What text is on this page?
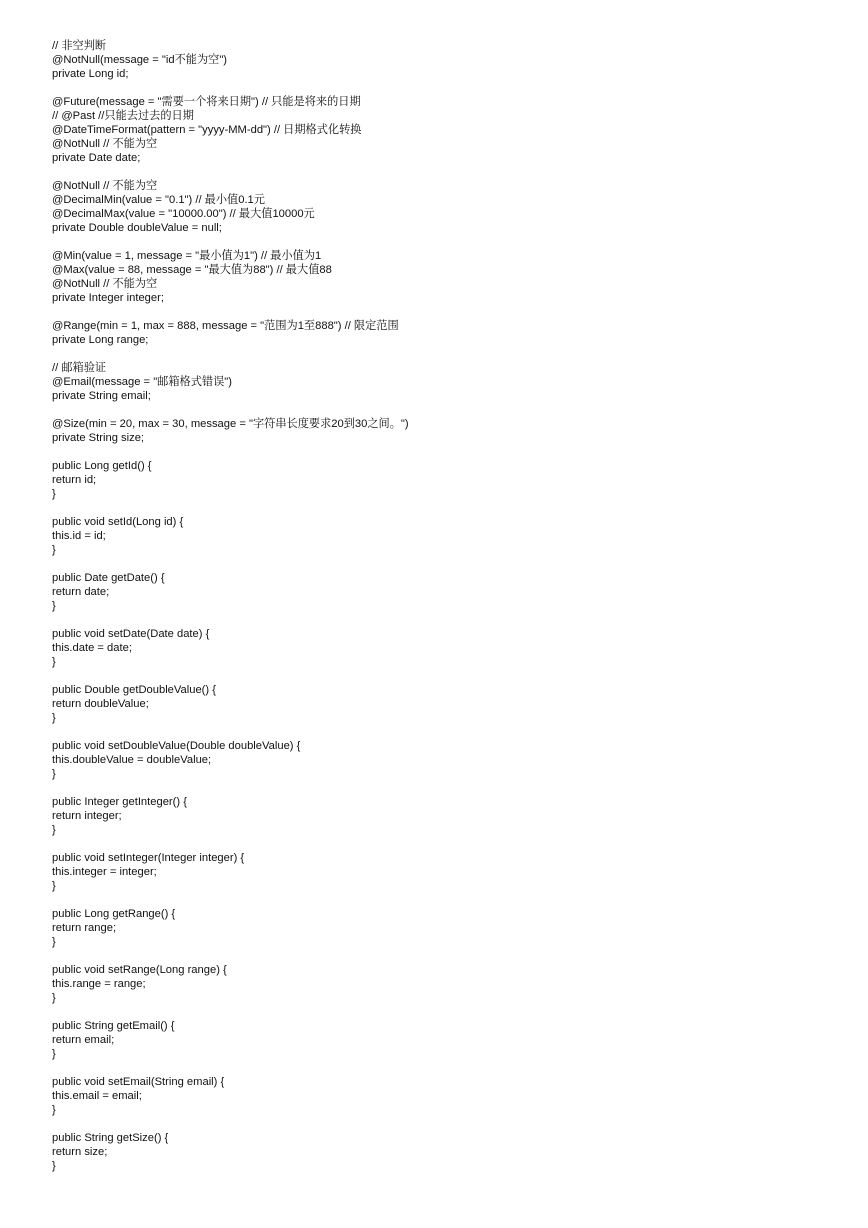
// 非空判断
@NotNull(message = "id不能为空")
private Long id;
@Future(message = "需要一个将来日期") // 只能是将来的日期
// @Past //只能去过去的日期
@DateTimeFormat(pattern = "yyyy-MM-dd") // 日期格式化转换
@NotNull // 不能为空
private Date date;
@NotNull // 不能为空
@DecimalMin(value = "0.1") // 最小值0.1元
@DecimalMax(value = "10000.00") // 最大值10000元
private Double doubleValue = null;
@Min(value = 1, message = "最小值为1") // 最小值为1
@Max(value = 88, message = "最大值为88") // 最大值88
@NotNull // 不能为空
private Integer integer;
@Range(min = 1, max = 888, message = "范围为1至888") // 限定范围
private Long range;
// 邮箱验证
@Email(message = "邮箱格式错误")
private String email;
@Size(min = 20, max = 30, message = "字符串长度要求20到30之间。")
private String size;
public Long getId() {
return id;
}
public void setId(Long id) {
this.id = id;
}
public Date getDate() {
return date;
}
public void setDate(Date date) {
this.date = date;
}
public Double getDoubleValue() {
return doubleValue;
}
public void setDoubleValue(Double doubleValue) {
this.doubleValue = doubleValue;
}
public Integer getInteger() {
return integer;
}
public void setInteger(Integer integer) {
this.integer = integer;
}
public Long getRange() {
return range;
}
public void setRange(Long range) {
this.range = range;
}
public String getEmail() {
return email;
}
public void setEmail(String email) {
this.email = email;
}
public String getSize() {
return size;
}
